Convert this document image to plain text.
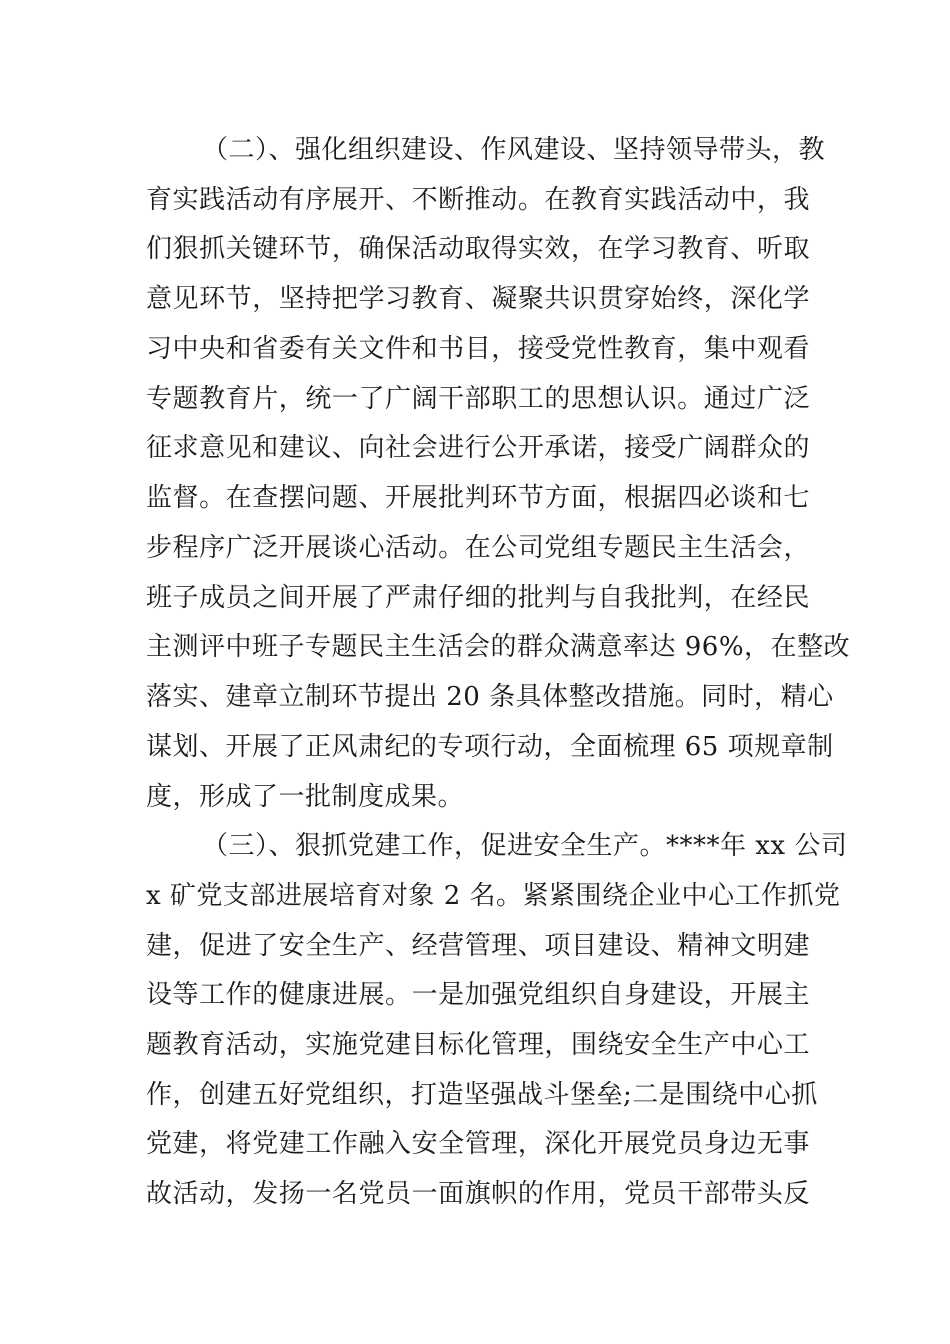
（二）、强化组织建设、作风建设、坚持领导带头，教
育实践活动有序展开、不断推动。在教育实践活动中，我
们狠抓关键环节，确保活动取得实效，在学习教育、听取
意见环节，坚持把学习教育、凝聚共识贯穿始终，深化学
习中央和省委有关文件和书目，接受党性教育，集中观看
专题教育片，统一了广阔干部职工的思想认识。通过广泛
征求意见和建议、向社会进行公开承诺，接受广阔群众的
监督。在查摆问题、开展批判环节方面，根据四必谈和七
步程序广泛开展谈心活动。在公司党组专题民主生活会，
班子成员之间开展了严肃仔细的批判与自我批判，在经民
主测评中班子专题民主生活会的群众满意率达 96%，在整改
落实、建章立制环节提出 20 条具体整改措施。同时，精心
谋划、开展了正风肃纪的专项行动，全面梳理 65 项规章制
度，形成了一批制度成果。
（三）、狠抓党建工作，促进安全生产。****年 xx 公司
x 矿党支部进展培育对象 2 名。紧紧围绕企业中心工作抓党
建，促进了安全生产、经营管理、项目建设、精神文明建
设等工作的健康进展。一是加强党组织自身建设，开展主
题教育活动，实施党建目标化管理，围绕安全生产中心工
作，创建五好党组织，打造坚强战斗堡垒;二是围绕中心抓
党建，将党建工作融入安全管理，深化开展党员身边无事
故活动，发扬一名党员一面旗帜的作用，党员干部带头反
